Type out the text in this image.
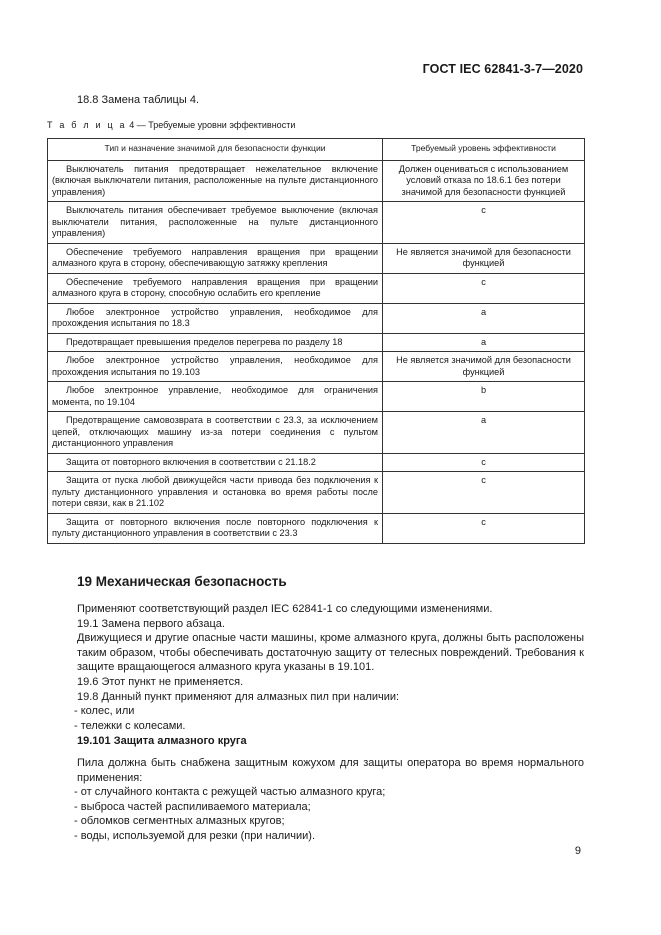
ГОСТ IEC 62841-3-7—2020
18.8 Замена таблицы 4.
Т а б л и ц а 4 — Требуемые уровни эффективности
Тип и назначение значимой для безопасности функции	Требуемый уровень эффективности
Выключатель питания предотвращает нежелательное включение (включая выключатели питания, расположенные на пульте дистанционного управления)	Должен оцениваться с использованием условий отказа по 18.6.1 без потери значимой для безопасности функцией
Выключатель питания обеспечивает требуемое выключение (включая выключатели питания, расположенные на пульте дистанционного управления)	c
Обеспечение требуемого направления вращения при вращении алмазного круга в сторону, обеспечивающую затяжку крепления	Не является значимой для безопасности функцией
Обеспечение требуемого направления вращения при вращении алмазного круга в сторону, способную ослабить его крепление	c
Любое электронное устройство управления, необходимое для прохождения испытания по 18.3	a
Предотвращает превышения пределов перегрева по разделу 18	a
Любое электронное устройство управления, необходимое для прохождения испытания по 19.103	Не является значимой для безопасности функцией
Любое электронное управление, необходимое для ограничения момента, по 19.104	b
Предотвращение самовозврата в соответствии с 23.3, за исключением цепей, отключающих машину из-за потери соединения с пультом дистанционного управления	a
Защита от повторного включения в соответствии с 21.18.2	c
Защита от пуска любой движущейся части привода без подключения к пульту дистанционного управления и остановка во время работы после потери связи, как в 21.102	c
Защита от повторного включения после повторного подключения к пульту дистанционного управления в соответствии с 23.3	c
19 Механическая безопасность
Применяют соответствующий раздел IEC 62841-1 со следующими изменениями.
19.1 Замена первого абзаца.
Движущиеся и другие опасные части машины, кроме алмазного круга, должны быть расположены таким образом, чтобы обеспечивать достаточную защиту от телесных повреждений. Требования к защите вращающегося алмазного круга указаны в 19.101.
19.6 Этот пункт не применяется.
19.8 Данный пункт применяют для алмазных пил при наличии:
- колес, или
- тележки с колесами.
19.101 Защита алмазного круга
Пила должна быть снабжена защитным кожухом для защиты оператора во время нормального применения:
- от случайного контакта с режущей частью алмазного круга;
- выброса частей распиливаемого материала;
- обломков сегментных алмазных кругов;
- воды, используемой для резки (при наличии).
9
